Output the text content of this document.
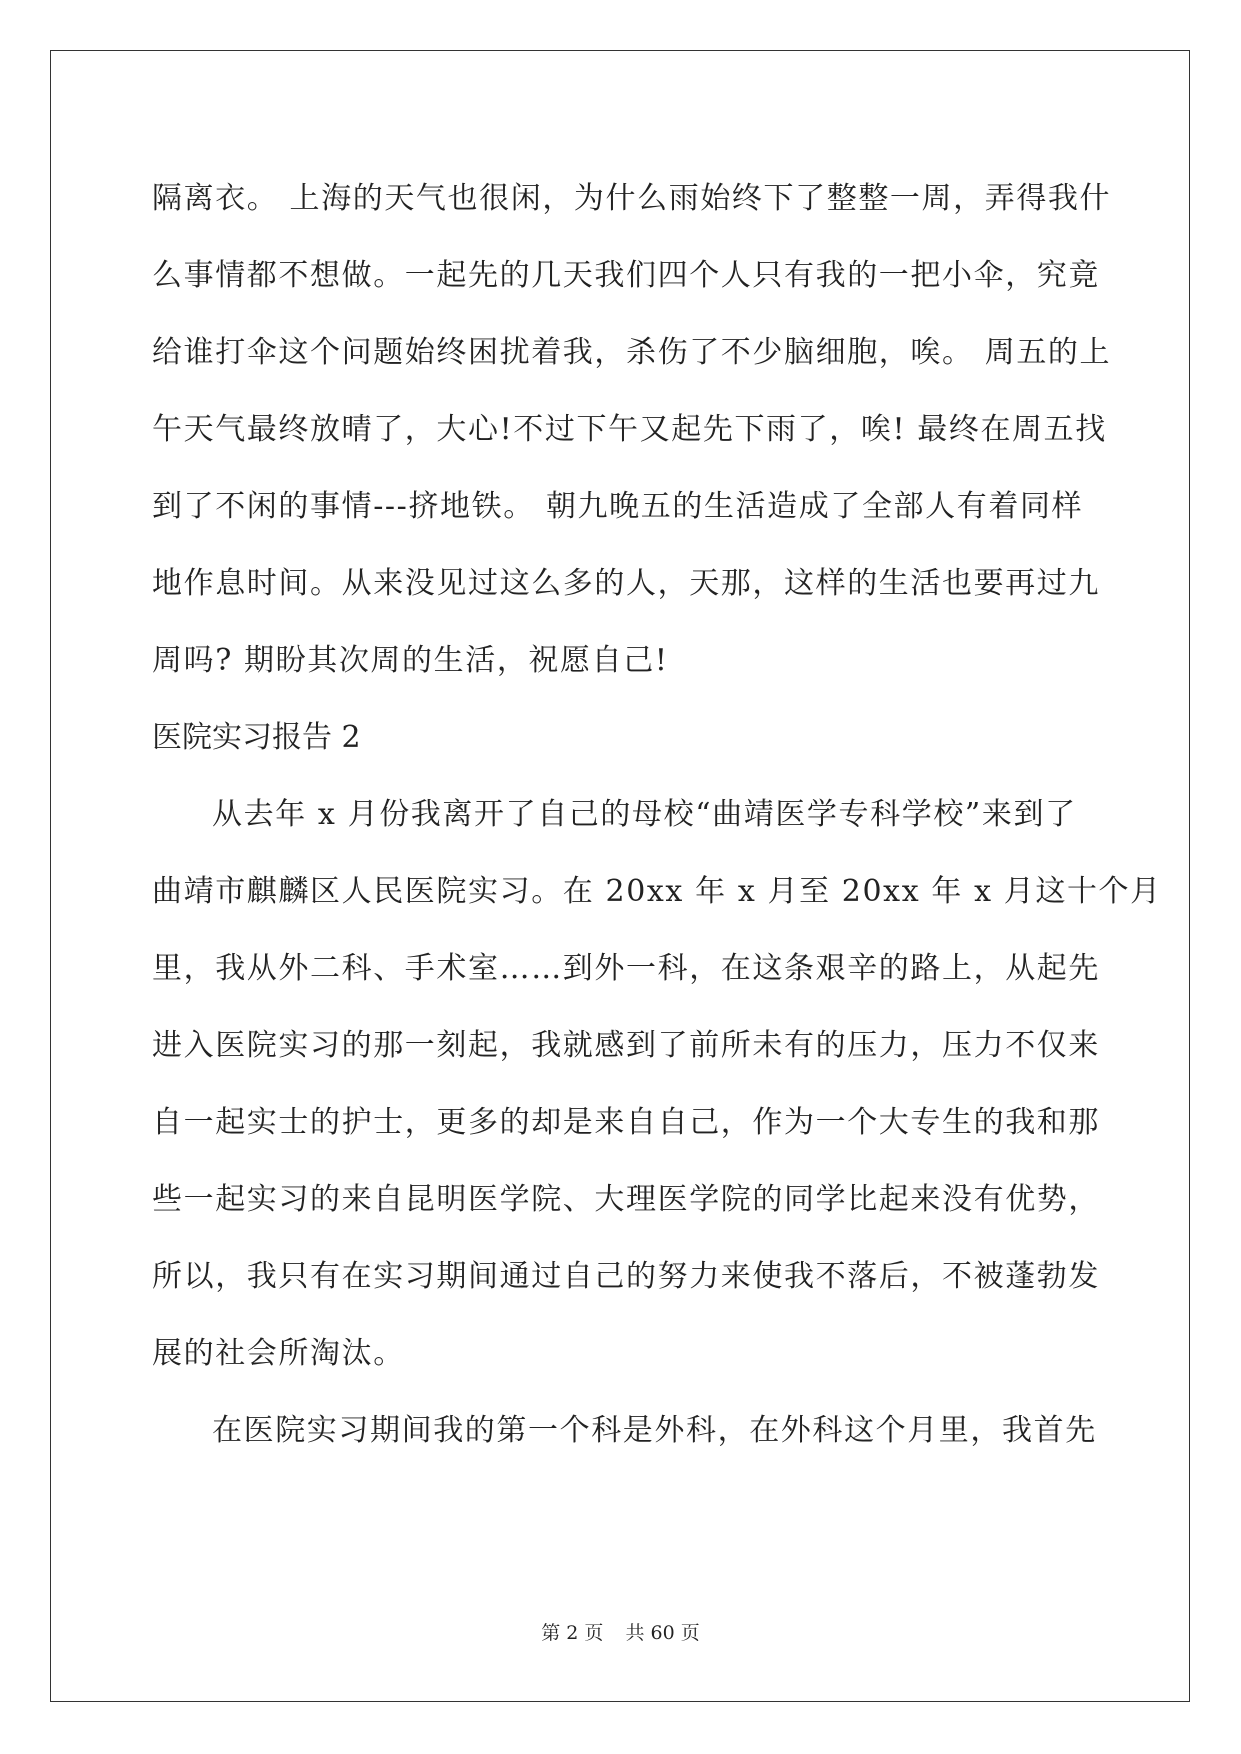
隔离衣。 上海的天气也很闲，为什么雨始终下了整整一周，弄得我什
么事情都不想做。一起先的几天我们四个人只有我的一把小伞，究竟
给谁打伞这个问题始终困扰着我，杀伤了不少脑细胞，唉。 周五的上
午天气最终放晴了，大心!不过下午又起先下雨了，唉! 最终在周五找
到了不闲的事情---挤地铁。 朝九晚五的生活造成了全部人有着同样
地作息时间。从来没见过这么多的人，天那，这样的生活也要再过九
周吗? 期盼其次周的生活，祝愿自己!
医院实习报告 2
从去年 x 月份我离开了自己的母校“曲靖医学专科学校”来到了
曲靖市麒麟区人民医院实习。在 20xx 年 x 月至 20xx 年 x 月这十个月
里，我从外二科、手术室……到外一科，在这条艰辛的路上，从起先
进入医院实习的那一刻起，我就感到了前所未有的压力，压力不仅来
自一起实士的护士，更多的却是来自自己，作为一个大专生的我和那
些一起实习的来自昆明医学院、大理医学院的同学比起来没有优势，
所以，我只有在实习期间通过自己的努力来使我不落后，不被蓬勃发
展的社会所淘汰。
在医院实习期间我的第一个科是外科，在外科这个月里，我首先
第 2 页 共 60 页
